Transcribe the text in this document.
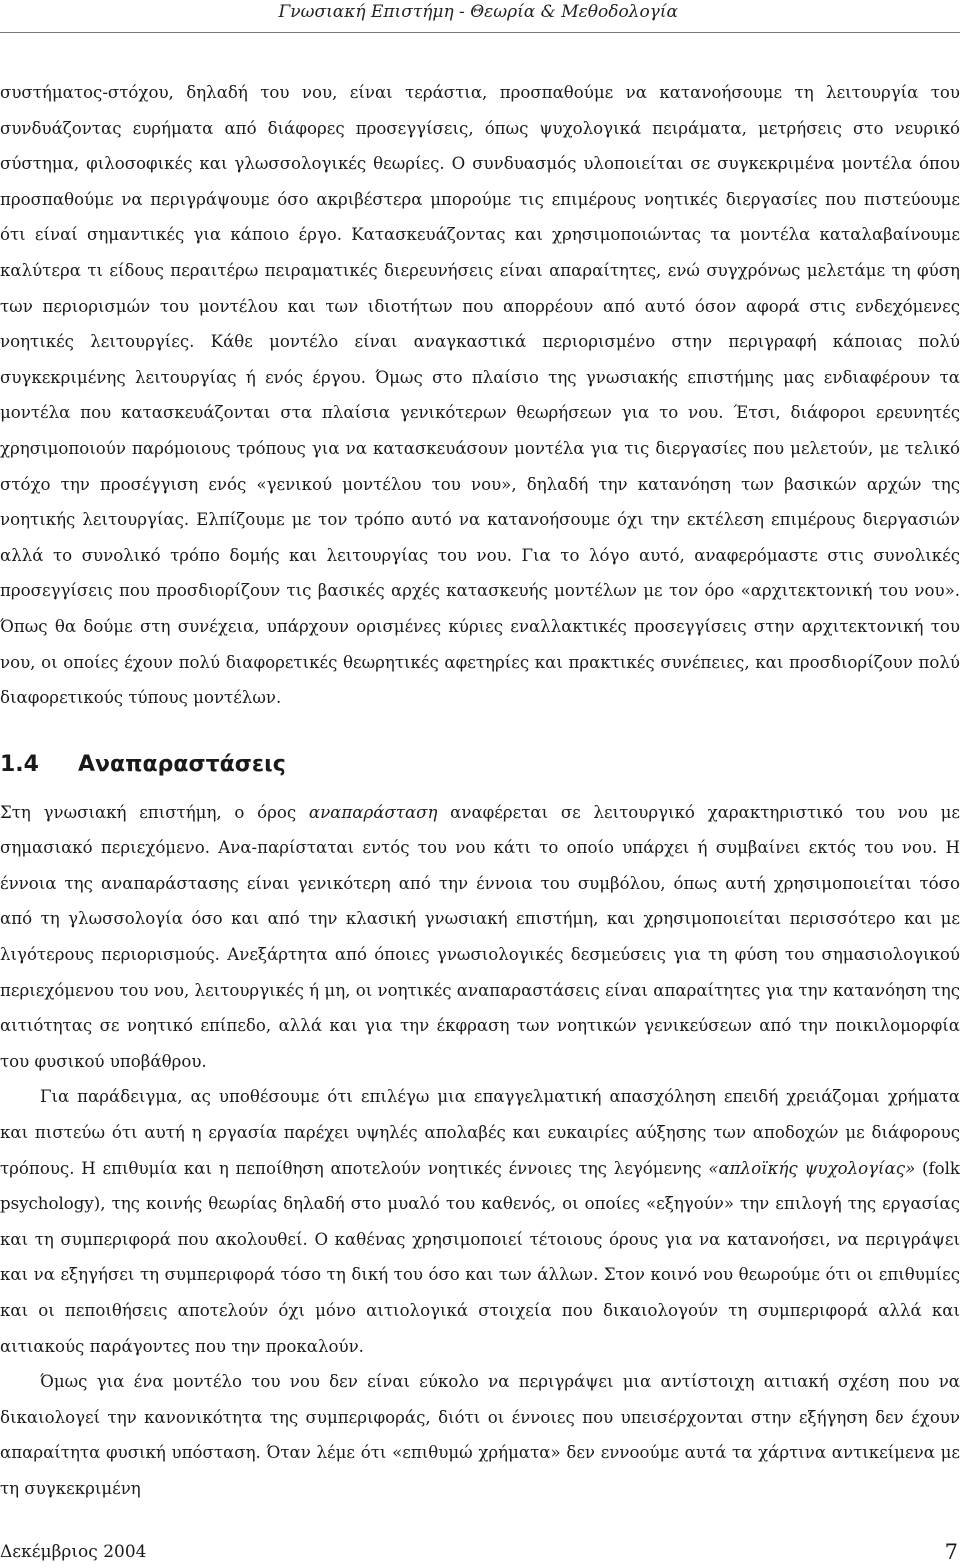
Γνωσιακή Επιστήμη - Θεωρία & Μεθοδολογία

συστήματος-στόχου, δηλαδή του νου, είναι τεράστια, προσπαθούμε να κατανοήσουμε τη λειτουργία του συνδυάζοντας ευρήματα από διάφορες προσεγγίσεις, όπως ψυχολογικά πειράματα, μετρήσεις στο νευρικό σύστημα, φιλοσοφικές και γλωσσολογικές θεωρίες. Ο συνδυασμός υλοποιείται σε συγκεκριμένα μοντέλα όπου προσπαθούμε να περιγράψουμε όσο ακριβέστερα μπορούμε τις επιμέρους νοητικές διεργασίες που πιστεύουμε ότι είναί σημαντικές για κάποιο έργο. Κατασκευάζοντας και χρησιμοποιώντας τα μοντέλα καταλαβαίνουμε καλύτερα τι είδους περαιτέρω πειραματικές διερευνήσεις είναι απαραίτητες, ενώ συγχρόνως μελετάμε τη φύση των περιορισμών του μοντέλου και των ιδιοτήτων που απορρέουν από αυτό όσον αφορά στις ενδεχόμενες νοητικές λειτουργίες. Κάθε μοντέλο είναι αναγκαστικά περιορισμένο στην περιγραφή κάποιας πολύ συγκεκριμένης λειτουργίας ή ενός έργου. Όμως στο πλαίσιο της γνωσιακής επιστήμης μας ενδιαφέρουν τα μοντέλα που κατασκευάζονται στα πλαίσια γενικότερων θεωρήσεων για το νου. Έτσι, διάφοροι ερευνητές χρησιμοποιούν παρόμοιους τρόπους για να κατασκευάσουν μοντέλα για τις διεργασίες που μελετούν, με τελικό στόχο την προσέγγιση ενός «γενικού μοντέλου του νου», δηλαδή την κατανόηση των βασικών αρχών της νοητικής λειτουργίας. Ελπίζουμε με τον τρόπο αυτό να κατανοήσουμε όχι την εκτέλεση επιμέρους διεργασιών αλλά το συνολικό τρόπο δομής και λειτουργίας του νου. Για το λόγο αυτό, αναφερόμαστε στις συνολικές προσεγγίσεις που προσδιορίζουν τις βασικές αρχές κατασκευής μοντέλων με τον όρο «αρχιτεκτονική του νου». Όπως θα δούμε στη συνέχεια, υπάρχουν ορισμένες κύριες εναλλακτικές προσεγγίσεις στην αρχιτεκτονική του νου, οι οποίες έχουν πολύ διαφορετικές θεωρητικές αφετηρίες και πρακτικές συνέπειες, και προσδιορίζουν πολύ διαφορετικούς τύπους μοντέλων.

1.4	Αναπαραστάσεις

Στη γνωσιακή επιστήμη, ο όρος αναπαράσταση αναφέρεται σε λειτουργικό χαρακτηριστικό του νου με σημασιακό περιεχόμενο. Ανα-παρίσταται εντός του νου κάτι το οποίο υπάρχει ή συμβαίνει εκτός του νου. Η έννοια της αναπαράστασης είναι γενικότερη από την έννοια του συμβόλου, όπως αυτή χρησιμοποιείται τόσο από τη γλωσσολογία όσο και από την κλασική γνωσιακή επιστήμη, και χρησιμοποιείται περισσότερο και με λιγότερους περιορισμούς. Ανεξάρτητα από όποιες γνωσιολογικές δεσμεύσεις για τη φύση του σημασιολογικού περιεχόμενου του νου, λειτουργικές ή μη, οι νοητικές αναπαραστάσεις είναι απαραίτητες για την κατανόηση της αιτιότητας σε νοητικό επίπεδο, αλλά και για την έκφραση των νοητικών γενικεύσεων από την ποικιλομορφία του φυσικού υποβάθρου.

Για παράδειγμα, ας υποθέσουμε ότι επιλέγω μια επαγγελματική απασχόληση επειδή χρειάζομαι χρήματα και πιστεύω ότι αυτή η εργασία παρέχει υψηλές απολαβές και ευκαιρίες αύξησης των αποδοχών με διάφορους τρόπους. Η επιθυμία και η πεποίθηση αποτελούν νοητικές έννοιες της λεγόμενης «απλοϊκής ψυχολογίας» (folk psychology), της κοινής θεωρίας δηλαδή στο μυαλό του καθενός, οι οποίες «εξηγούν» την επιλογή της εργασίας και τη συμπεριφορά που ακολουθεί. Ο καθένας χρησιμοποιεί τέτοιους όρους για να κατανοήσει, να περιγράψει και να εξηγήσει τη συμπεριφορά τόσο τη δική του όσο και των άλλων. Στον κοινό νου θεωρούμε ότι οι επιθυμίες και οι πεποιθήσεις αποτελούν όχι μόνο αιτιολογικά στοιχεία που δικαιολογούν τη συμπεριφορά αλλά και αιτιακούς παράγοντες που την προκαλούν.

Όμως για ένα μοντέλο του νου δεν είναι εύκολο να περιγράψει μια αντίστοιχη αιτιακή σχέση που να δικαιολογεί την κανονικότητα της συμπεριφοράς, διότι οι έννοιες που υπεισέρχονται στην εξήγηση δεν έχουν απαραίτητα φυσική υπόσταση. Όταν λέμε ότι «επιθυμώ χρήματα» δεν εννοούμε αυτά τα χάρτινα αντικείμενα με τη συγκεκριμένη

Δεκέμβριος 2004	7
